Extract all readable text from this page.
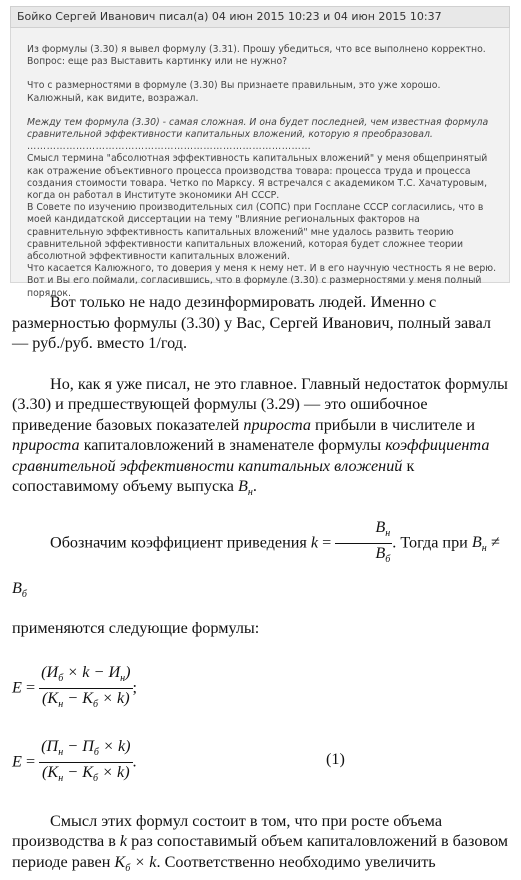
Бойко Сергей Иванович писал(а) 04 июн 2015 10:23 и 04 июн 2015 10:37

Из формулы (3.30) я вывел формулу (3.31). Прошу убедиться, что все выполнено корректно.

Вопрос: еще раз Выставить картинку или не нужно?

Что с размерностями в формуле (3.30) Вы признаете правильным, это уже хорошо. Калюжный, как видите, возражал.

Между тем формула (3.30) - самая сложная. И она будет последней, чем известная формула сравнительной эффективности капитальных вложений, которую я преобразовал.

……………………………………………………………………………

Смысл термина "абсолютная эффективность капитальных вложений" у меня общепринятый как отражение объективного процесса производства товара: процесса труда и процесса создания стоимости товара. Четко по Марксу. Я встречался с академиком Т.С. Хачатуровым, когда он работал в Институте экономики АН СССР.

В Совете по изучению производительных сил (СОПС) при Госплане СССР согласились, что в моей кандидатской диссертации на тему "Влияние региональных факторов на сравнительную эффективность капитальных вложений" мне удалось развить теорию сравнительной эффективности капитальных вложений, которая будет сложнее теории абсолютной эффективности капитальных вложений.

Что касается Калюжного, то доверия у меня к нему нет. И в его научную честность я не верю. Вот и Вы его поймали, согласившись, что в формуле (3.30) с размерностями у меня полный порядок.

Вот только не надо дезинформировать людей. Именно с размерностью формулы (3.30) у Вас, Сергей Иванович, полный завал — руб./руб. вместо 1/год.

Но, как я уже писал, не это главное. Главный недостаток формулы (3.30) и предшествующей формулы (3.29) — это ошибочное приведение базовых показателей прироста прибыли в числителе и прироста капиталовложений в знаменателе формулы коэффициента сравнительной эффективности капитальных вложений к сопоставимому объему выпуска $B_н$.

Обозначим коэффициент приведения $k = \frac{B_н}{B_б}$ . Тогда при $B_н \ne B_б$

применяются следующие формулы:

$E = \frac{(И_б \times k - И_н)}{(K_н - K_б \times k)}$ ;
$E = \frac{(П_н - П_б \times k)}{(K_н - K_б \times k)}$ .	(1)

Смысл этих формул состоит в том, что при росте объема производства в k раз сопоставимый объем капиталовложений в базовом периоде равен $K_б \times k$. Соответственно необходимо увеличить
